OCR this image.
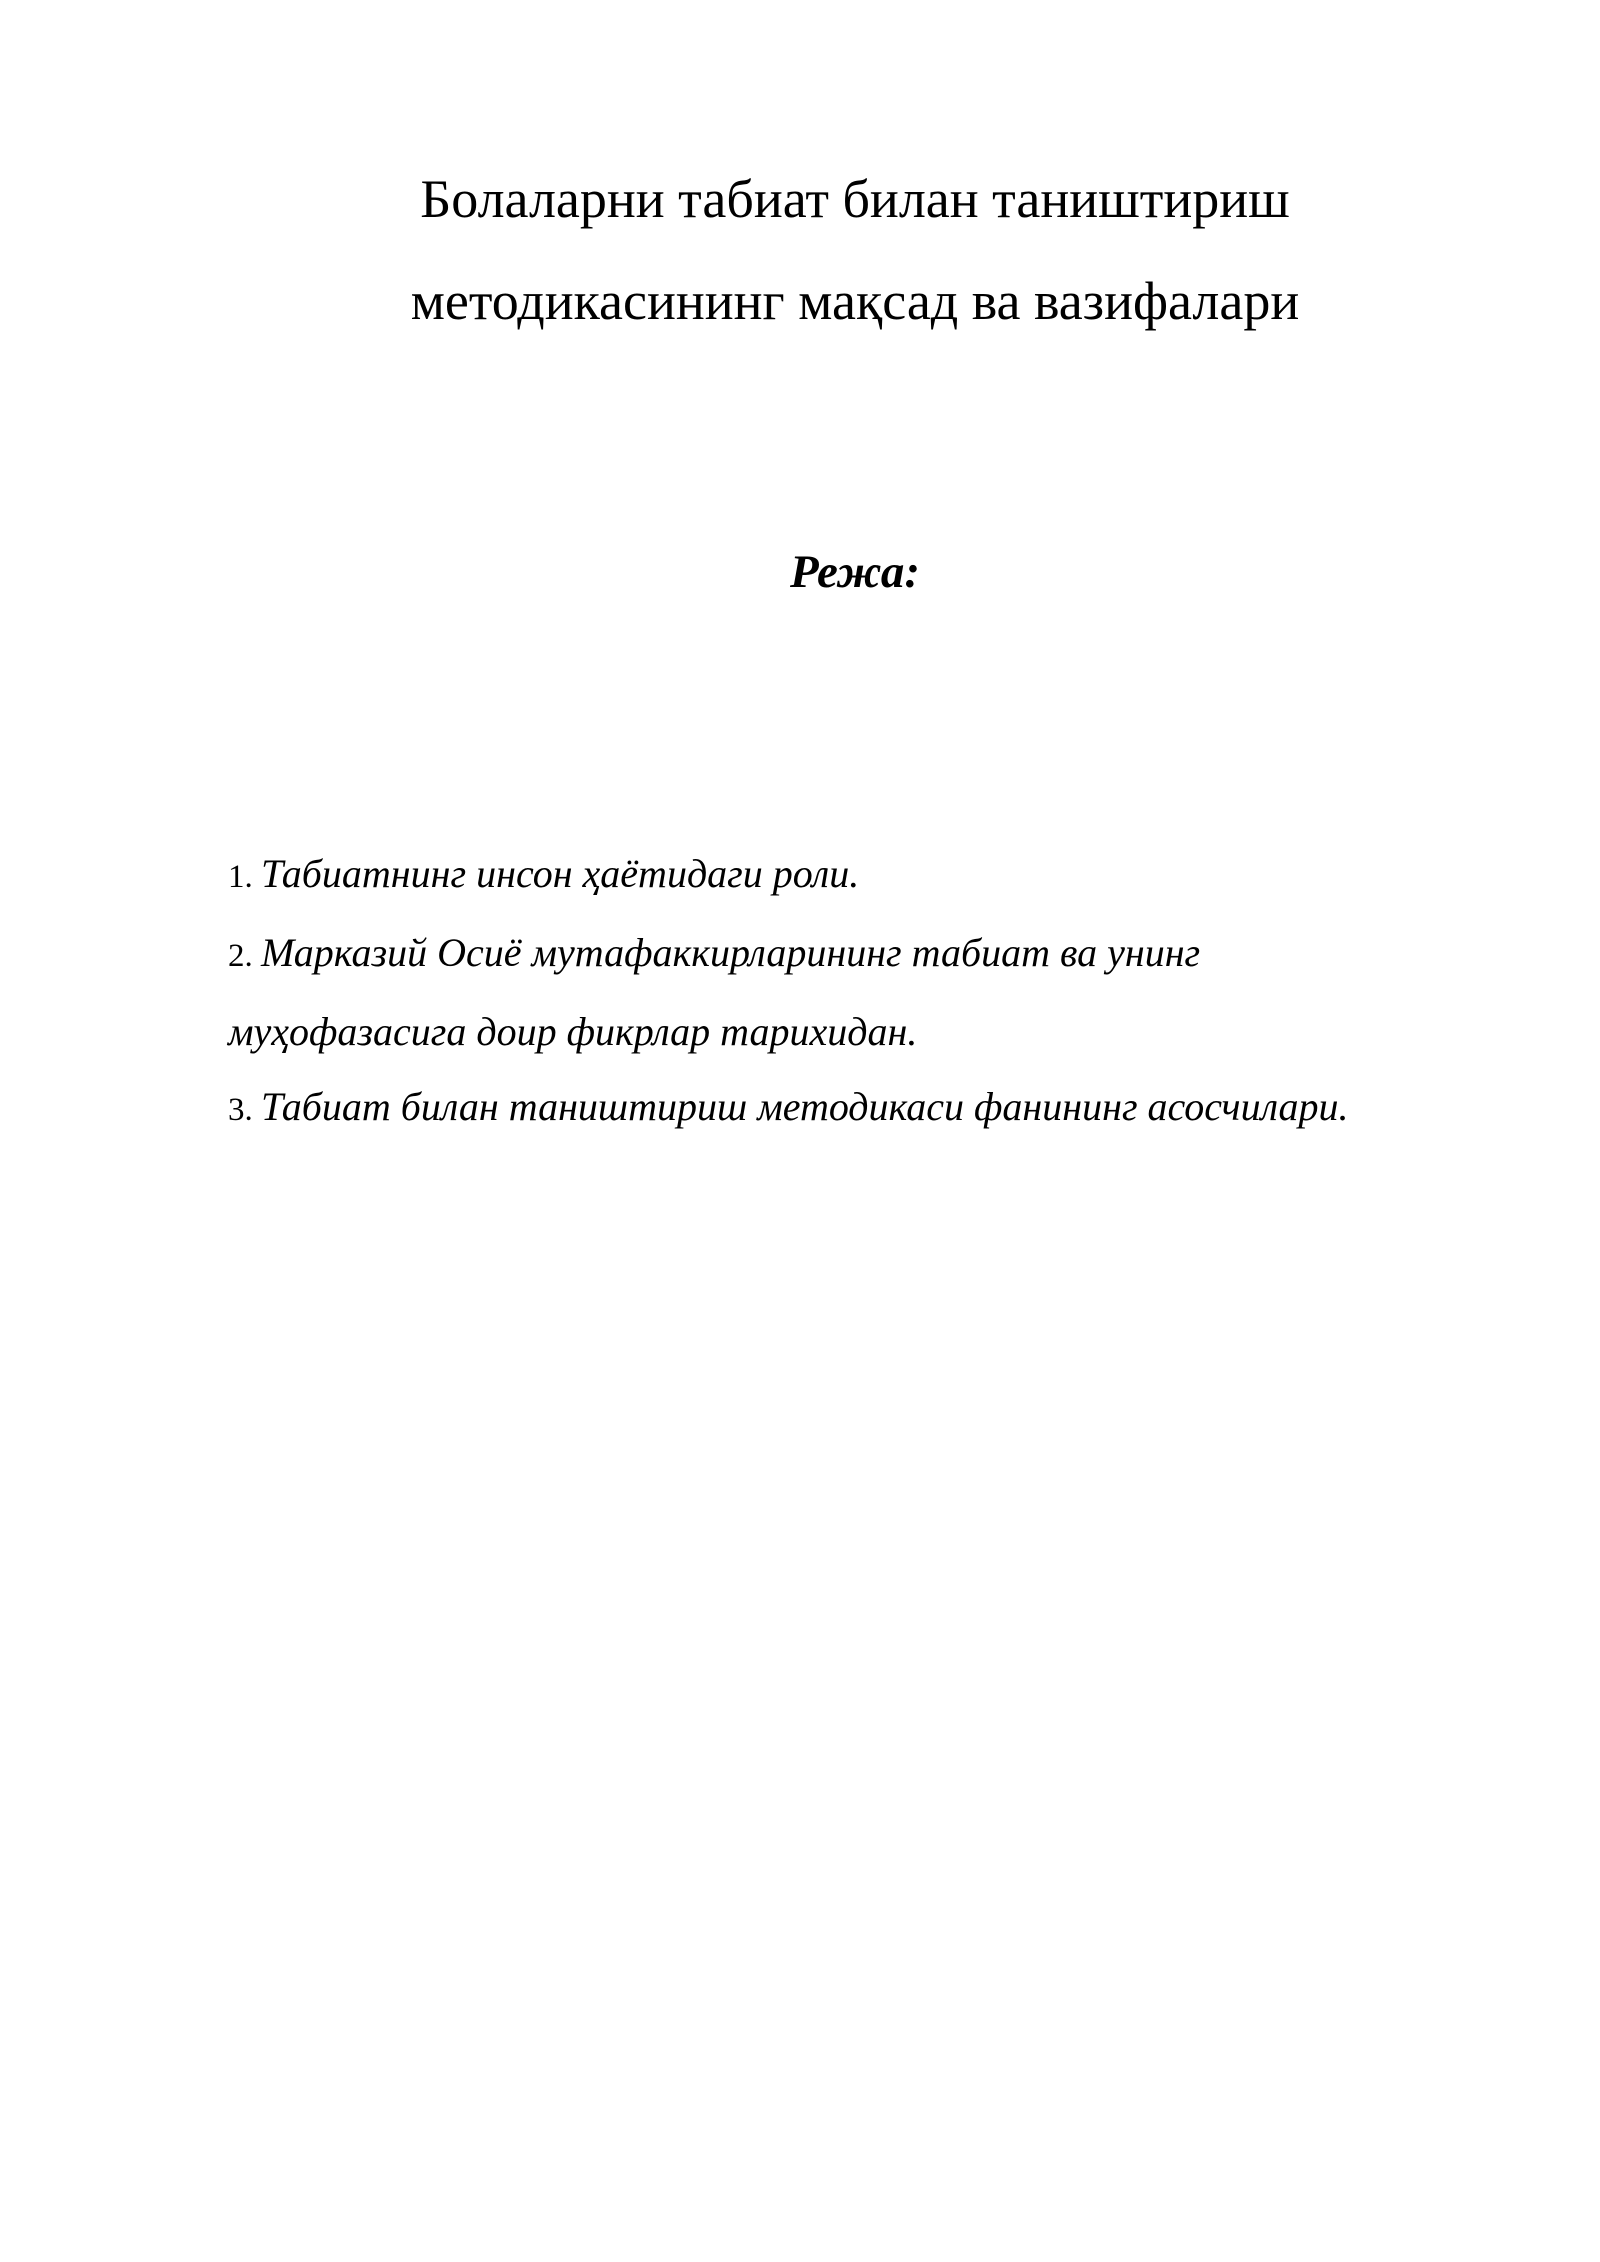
Болаларни табиат билан таништириш
методикасининг мақсад ва вазифалари
Режа:
1. Табиатнинг инсон ҳаётидаги роли.
2. Марказий Осиё мутафаккирларининг табиат ва унинг
муҳофазасига доир фикрлар тарихидан.
3. Табиат билан таништириш методикаси фанининг асосчилари.
